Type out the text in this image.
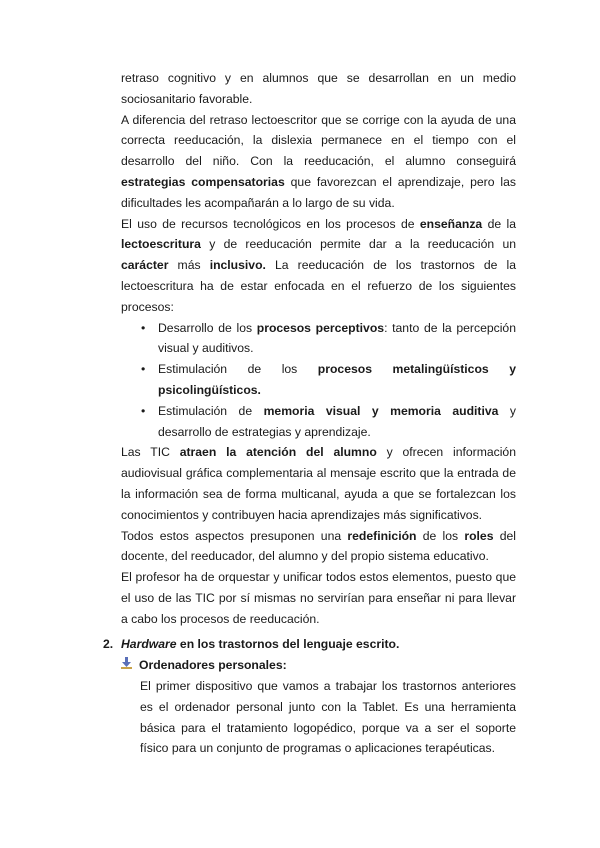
retraso cognitivo y en alumnos que se desarrollan en un medio sociosanitario favorable.

A diferencia del retraso lectoescritor que se corrige con la ayuda de una correcta reeducación, la dislexia permanece en el tiempo con el desarrollo del niño. Con la reeducación, el alumno conseguirá estrategias compensatorias que favorezcan el aprendizaje, pero las dificultades les acompañarán a lo largo de su vida.

El uso de recursos tecnológicos en los procesos de enseñanza de la lectoescritura y de reeducación permite dar a la reeducación un carácter más inclusivo. La reeducación de los trastornos de la lectoescritura ha de estar enfocada en el refuerzo de los siguientes procesos:

• Desarrollo de los procesos perceptivos: tanto de la percepción visual y auditivos.
• Estimulación de los procesos metalingüísticos y psicolingüísticos.
• Estimulación de memoria visual y memoria auditiva y desarrollo de estrategias y aprendizaje.

Las TIC atraen la atención del alumno y ofrecen información audiovisual gráfica complementaria al mensaje escrito que la entrada de la información sea de forma multicanal, ayuda a que se fortalezcan los conocimientos y contribuyen hacia aprendizajes más significativos.

Todos estos aspectos presuponen una redefinición de los roles del docente, del reeducador, del alumno y del propio sistema educativo.

El profesor ha de orquestar y unificar todos estos elementos, puesto que el uso de las TIC por sí mismas no servirían para enseñar ni para llevar a cabo los procesos de reeducación.

2. Hardware en los trastornos del lenguaje escrito.
Ordenadores personales:

El primer dispositivo que vamos a trabajar los trastornos anteriores es el ordenador personal junto con la Tablet. Es una herramienta básica para el tratamiento logopédico, porque va a ser el soporte físico para un conjunto de programas o aplicaciones terapéuticas.
